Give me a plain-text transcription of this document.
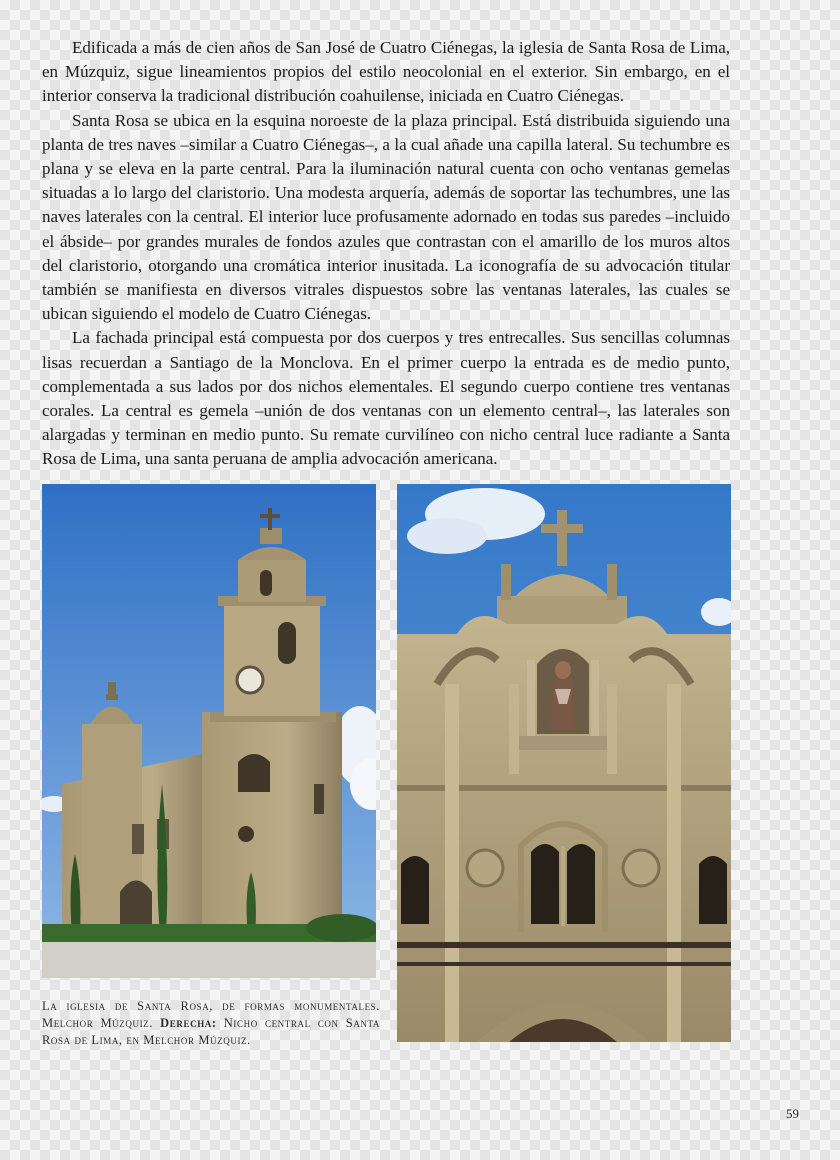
Edificada a más de cien años de San José de Cuatro Ciénegas, la iglesia de Santa Rosa de Lima, en Múzquiz, sigue lineamientos propios del estilo neocolonial en el exterior. Sin embargo, en el interior conserva la tradicional distribución coahuilense, iniciada en Cuatro Ciénegas.

Santa Rosa se ubica en la esquina noroeste de la plaza principal. Está distribuida siguiendo una planta de tres naves –similar a Cuatro Ciénegas–, a la cual añade una capilla lateral. Su techumbre es plana y se eleva en la parte central. Para la iluminación natural cuenta con ocho ventanas gemelas situadas a lo largo del claristorio. Una modesta arquería, además de soportar las techumbres, une las naves laterales con la central. El interior luce profusamente adornado en todas sus paredes –incluido el ábside– por grandes murales de fondos azules que contrastan con el amarillo de los muros altos del claristorio, otorgando una cromática interior inusitada. La iconografía de su advocación titular también se manifiesta en diversos vitrales dispuestos sobre las ventanas laterales, las cuales se ubican siguiendo el modelo de Cuatro Ciénegas.

La fachada principal está compuesta por dos cuerpos y tres entrecalles. Sus sencillas columnas lisas recuerdan a Santiago de la Monclova. En el primer cuerpo la entrada es de medio punto, complementada a sus lados por dos nichos elementales. El segundo cuerpo contiene tres ventanas corales. La central es gemela –unión de dos ventanas con un elemento central–, las laterales son alargadas y terminan en medio punto. Su remate curvilíneo con nicho central luce radiante a Santa Rosa de Lima, una santa peruana de amplia advocación americana.

La iglesia de Santa Rosa, de formas monumentales. Melchor Múzquiz. Derecha: Nicho central con Santa Rosa de Lima, en Melchor Múzquiz.
59
